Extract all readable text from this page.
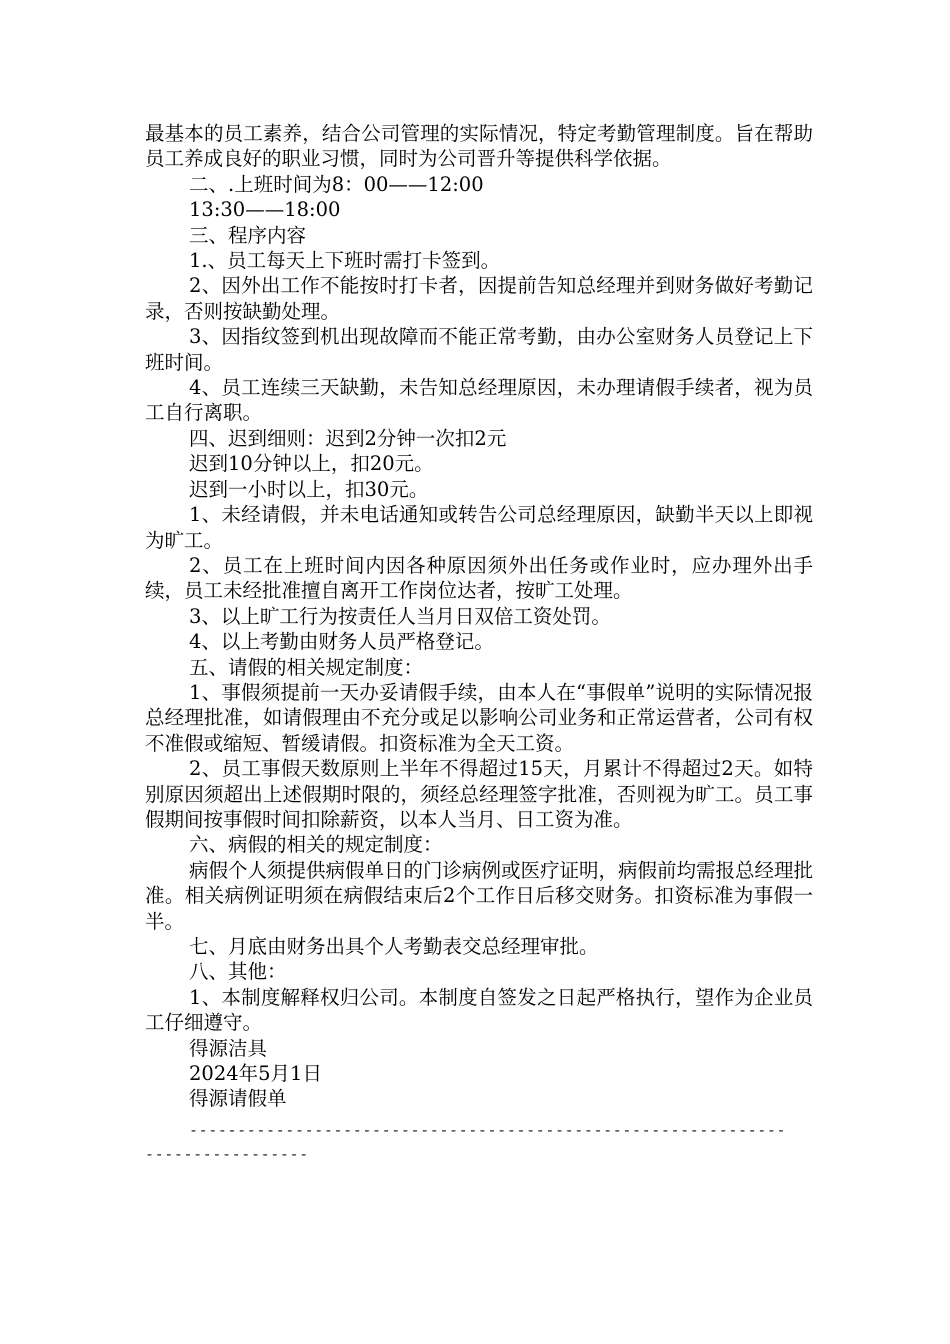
最基本的员工素养，结合公司管理的实际情况，特定考勤管理制度。旨在帮助员工养成良好的职业习惯，同时为公司晋升等提供科学依据。

二、.上班时间为8：00——12:00

13:30——18:00

三、程序内容

1.、员工每天上下班时需打卡签到。

2、因外出工作不能按时打卡者，因提前告知总经理并到财务做好考勤记录，否则按缺勤处理。

3、因指纹签到机出现故障而不能正常考勤，由办公室财务人员登记上下班时间。

4、员工连续三天缺勤，未告知总经理原因，未办理请假手续者，视为员工自行离职。

四、迟到细则：迟到2分钟一次扣2元

迟到10分钟以上，扣20元。

迟到一小时以上，扣30元。

1、未经请假，并未电话通知或转告公司总经理原因，缺勤半天以上即视为旷工。

2、员工在上班时间内因各种原因须外出任务或作业时，应办理外出手续，员工未经批准擅自离开工作岗位达者，按旷工处理。

3、以上旷工行为按责任人当月日双倍工资处罚。

4、以上考勤由财务人员严格登记。

五、请假的相关规定制度：

1、事假须提前一天办妥请假手续，由本人在“事假单”说明的实际情况报总经理批准，如请假理由不充分或足以影响公司业务和正常运营者，公司有权不准假或缩短、暂缓请假。扣资标准为全天工资。

2、员工事假天数原则上半年不得超过15天，月累计不得超过2天。如特别原因须超出上述假期时限的，须经总经理签字批准，否则视为旷工。员工事假期间按事假时间扣除薪资，以本人当月、日工资为准。

六、病假的相关的规定制度：

病假个人须提供病假单日的门诊病例或医疗证明，病假前均需报总经理批准。相关病例证明须在病假结束后2个工作日后移交财务。扣资标准为事假一半。

七、月底由财务出具个人考勤表交总经理审批。

八、其他：

1、本制度解释权归公司。本制度自签发之日起严格执行，望作为企业员工仔细遵守。

得源洁具

2024年5月1日

得源请假单

--------------------------------------------------------------
-----------------
